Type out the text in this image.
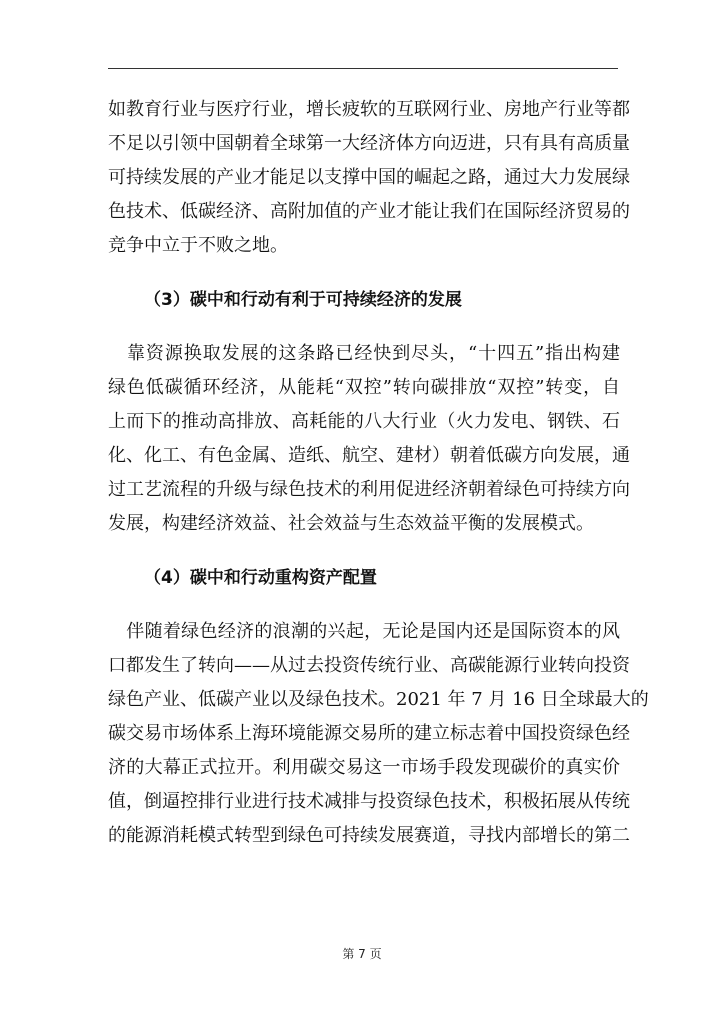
如教育行业与医疗行业，增长疲软的互联网行业、房地产行业等都
不足以引领中国朝着全球第一大经济体方向迈进，只有具有高质量
可持续发展的产业才能足以支撑中国的崛起之路，通过大力发展绿
色技术、低碳经济、高附加值的产业才能让我们在国际经济贸易的
竞争中立于不败之地。
（3）碳中和行动有利于可持续经济的发展
　靠资源换取发展的这条路已经快到尽头，“十四五”指出构建
绿色低碳循环经济，从能耗“双控”转向碳排放“双控”转变，自
上而下的推动高排放、高耗能的八大行业（火力发电、钢铁、石
化、化工、有色金属、造纸、航空、建材）朝着低碳方向发展，通
过工艺流程的升级与绿色技术的利用促进经济朝着绿色可持续方向
发展，构建经济效益、社会效益与生态效益平衡的发展模式。
（4）碳中和行动重构资产配置
　伴随着绿色经济的浪潮的兴起，无论是国内还是国际资本的风
口都发生了转向——从过去投资传统行业、高碳能源行业转向投资
绿色产业、低碳产业以及绿色技术。2021 年 7 月 16 日全球最大的
碳交易市场体系上海环境能源交易所的建立标志着中国投资绿色经
济的大幕正式拉开。利用碳交易这一市场手段发现碳价的真实价
值，倒逼控排行业进行技术减排与投资绿色技术，积极拓展从传统
的能源消耗模式转型到绿色可持续发展赛道，寻找内部增长的第二
第 7 页
